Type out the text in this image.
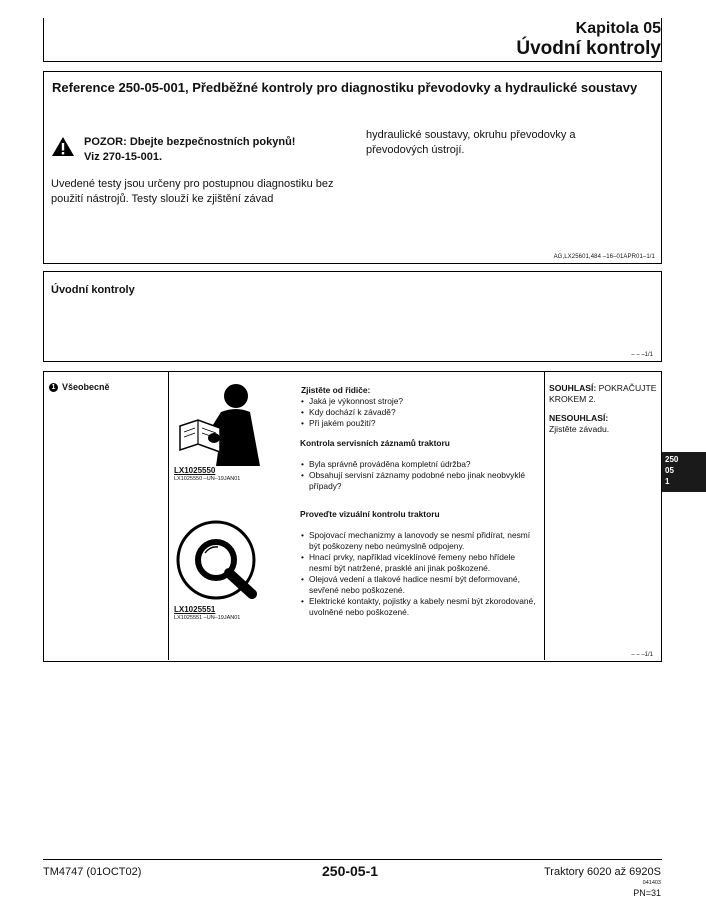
Kapitola 05
Úvodní kontroly
Reference 250-05-001, Předběžné kontroly pro diagnostiku převodovky a hydraulické soustavy
POZOR: Dbejte bezpečnostních pokynů!
Viz 270-15-001.
Uvedené testy jsou určeny pro postupnou diagnostiku bez použití nástrojů. Testy slouží ke zjištění závad
hydraulické soustavy, okruhu převodovky a převodových ústrojí.
AG,LX25601,484 –16–01APR01–1/1
Úvodní kontroly
– – –1/1
1 Všeobecně
LX1025550
LX1025550 –UN–19JAN01
LX1025551
LX1025551 –UN–19JAN01
Zjistěte od řidiče:
• Jaká je výkonnost stroje?
• Kdy dochází k závadě?
• Při jakém použití?
Kontrola servisních záznamů traktoru
• Byla správně prováděna kompletní údržba?
• Obsahují servisní záznamy podobné nebo jinak neobvyklé případy?
Proveďte vizuální kontrolu traktoru
• Spojovací mechanizmy a lanovody se nesmí přidírat, nesmí být poškozeny nebo neúmyslně odpojeny.
• Hnací prvky, například víceklínové řemeny nebo hřídele nesmí být natržené, prasklé ani jinak poškozené.
• Olejová vedení a tlakové hadice nesmí být deformované, sevřené nebo poškozené.
• Elektrické kontakty, pojistky a kabely nesmí být zkorodované, uvolněné nebo poškozené.
SOUHLASÍ: POKRAČUJTE KROKEM 2.
NESOUHLASÍ:
Zjistěte závadu.
– – –1/1
250
05
1
TM4747 (01OCT02)	250-05-1	Traktory 6020 až 6920S
041403
PN=31
